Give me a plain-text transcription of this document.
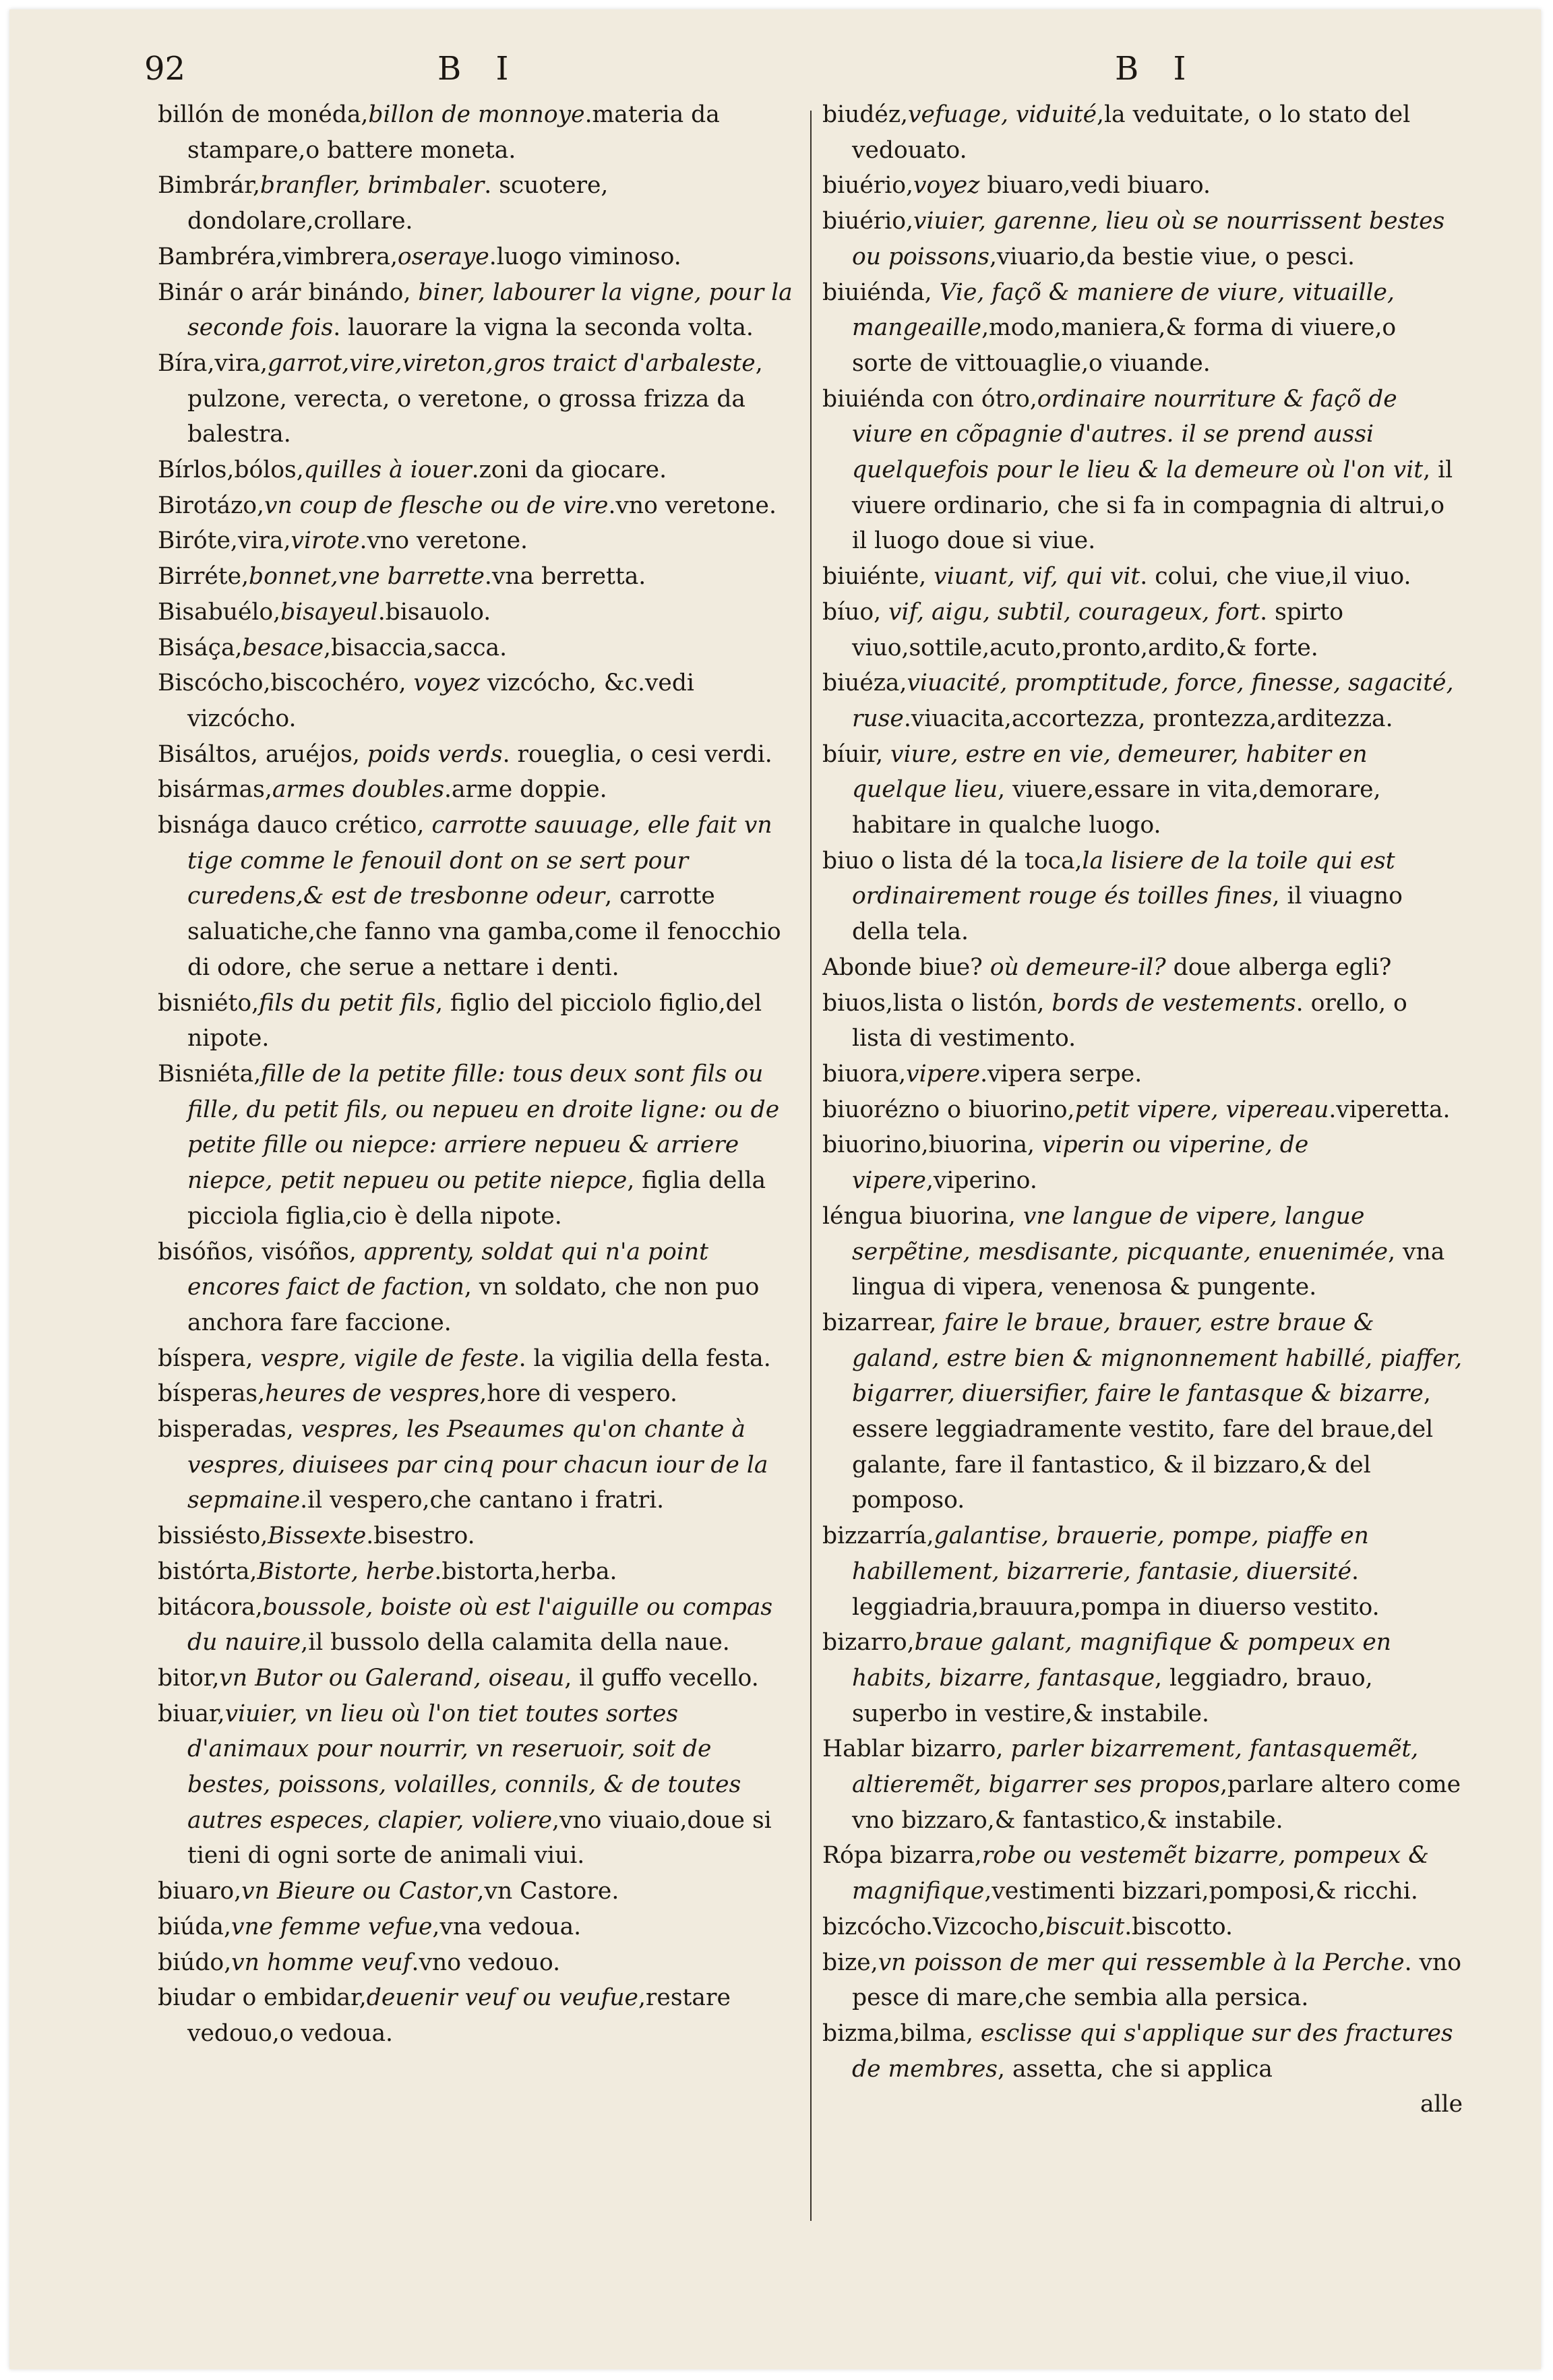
92	B I	B I

billón de monéda,billon de monnoye.materia da stampare,o battere moneta.

Bimbrár,branfler, brimbaler. scuotere, dondolare,crollare.

Bambréra,vimbrera,oseraye.luogo viminoso.

Binár o arár binándo, biner, labourer la vigne, pour la seconde fois. lauorare la vigna la seconda volta.

Bíra,vira,garrot,vire,vireton,gros traict d'arbaleste, pulzone, verecta, o veretone, o grossa frizza da balestra.

Bírlos,bólos,quilles à iouer.zoni da giocare.

Birotázo,vn coup de flesche ou de vire.vno veretone.

Biróte,vira,virote.vno veretone.

Birréte,bonnet,vne barrette.vna berretta.

Bisabuélo,bisayeul.bisauolo.

Bisáça,besace,bisaccia,sacca.

Biscócho,biscochéro, voyez vizcócho, &c.vedi vizcócho.

Bisáltos, aruéjos, poids verds. roueglia, o cesi verdi.

bisármas,armes doubles.arme doppie.

bisnága dauco crético, carrotte sauuage, elle fait vn tige comme le fenouil dont on se sert pour curedens,& est de tresbonne odeur, carrotte saluatiche,che fanno vna gamba,come il fenocchio di odore, che serue a nettare i denti.

bisniéto,fils du petit fils, figlio del picciolo figlio,del nipote.

Bisniéta,fille de la petite fille: tous deux sont fils ou fille, du petit fils, ou nepueu en droite ligne: ou de petite fille ou niepce: arriere nepueu & arriere niepce, petit nepueu ou petite niepce, figlia della picciola figlia,cio è della nipote.

bisóños, visóños, apprenty, soldat qui n'a point encores faict de faction, vn soldato, che non puo anchora fare faccione.

bíspera, vespre, vigile de feste. la vigilia della festa.

bísperas,heures de vespres,hore di vespero.

bisperadas, vespres, les Pseaumes qu'on chante à vespres, diuisees par cinq pour chacun iour de la sepmaine.il vespero,che cantano i fratri.

bissiésto,Bissexte.bisestro.

bistórta,Bistorte, herbe.bistorta,herba.

bitácora,boussole, boiste où est l'aiguille ou compas du nauire,il bussolo della calamita della naue.

bitor,vn Butor ou Galerand, oiseau, il guffo vecello.

biuar,viuier, vn lieu où l'on tiet toutes sortes d'animaux pour nourrir, vn reseruoir, soit de bestes, poissons, volailles, connils, & de toutes autres especes, clapier, voliere,vno viuaio,doue si tieni di ogni sorte de animali viui.

biuaro,vn Bieure ou Castor,vn Castore.

biúda,vne femme vefue,vna vedoua.

biúdo,vn homme veuf.vno vedouo.

biudar o embidar,deuenir veuf ou veufue,restare vedouo,o vedoua.

biudéz,vefuage, viduité,la veduitate, o lo stato del vedouato.

biuério,voyez biuaro,vedi biuaro.

biuério,viuier, garenne, lieu où se nourrissent bestes ou poissons,viuario,da bestie viue, o pesci.

biuiénda, Vie, façõ & maniere de viure, vituaille, mangeaille,modo,maniera,& forma di viuere,o sorte de vittouaglie,o viuande.

biuiénda con ótro,ordinaire nourriture & façõ de viure en cõpagnie d'autres. il se prend aussi quelquefois pour le lieu & la demeure où l'on vit, il viuere ordinario, che si fa in compagnia di altrui,o il luogo doue si viue.

biuiénte, viuant, vif, qui vit. colui, che viue,il viuo.

bíuo, vif, aigu, subtil, courageux, fort. spirto viuo,sottile,acuto,pronto,ardito,& forte.

biuéza,viuacité, promptitude, force, finesse, sagacité, ruse.viuacita,accortezza, prontezza,arditezza.

bíuir, viure, estre en vie, demeurer, habiter en quelque lieu, viuere,essare in vita,demorare, habitare in qualche luogo.

biuo o lista dé la toca,la lisiere de la toile qui est ordinairement rouge és toilles fines, il viuagno della tela.

Abonde biue? où demeure-il? doue alberga egli?

biuos,lista o listón, bords de vestements. orello, o lista di vestimento.

biuora,vipere.vipera serpe.

biuorézno o biuorino,petit vipere, vipereau.viperetta.

biuorino,biuorina, viperin ou viperine, de vipere,viperino.

léngua biuorina, vne langue de vipere, langue serpẽtine, mesdisante, picquante, enuenimée, vna lingua di vipera, venenosa & pungente.

bizarrear, faire le braue, brauer, estre braue & galand, estre bien & mignonnement habillé, piaffer, bigarrer, diuersifier, faire le fantasque & bizarre, essere leggiadramente vestito, fare del braue,del galante, fare il fantastico, & il bizzaro,& del pomposo.

bizzarría,galantise, brauerie, pompe, piaffe en habillement, bizarrerie, fantasie, diuersité. leggiadria,brauura,pompa in diuerso vestito.

bizarro,braue galant, magnifique & pompeux en habits, bizarre, fantasque, leggiadro, brauo, superbo in vestire,& instabile.

Hablar bizarro, parler bizarrement, fantasquemẽt, altieremẽt, bigarrer ses propos,parlare altero come vno bizzaro,& fantastico,& instabile.

Rópa bizarra,robe ou vestemẽt bizarre, pompeux & magnifique,vestimenti bizzari,pomposi,& ricchi.

bizcócho.Vizcocho,biscuit.biscotto.

bize,vn poisson de mer qui ressemble à la Perche. vno pesce di mare,che sembia alla persica.

bizma,bilma, esclisse qui s'applique sur des fractures de membres, assetta, che si applica

alle
